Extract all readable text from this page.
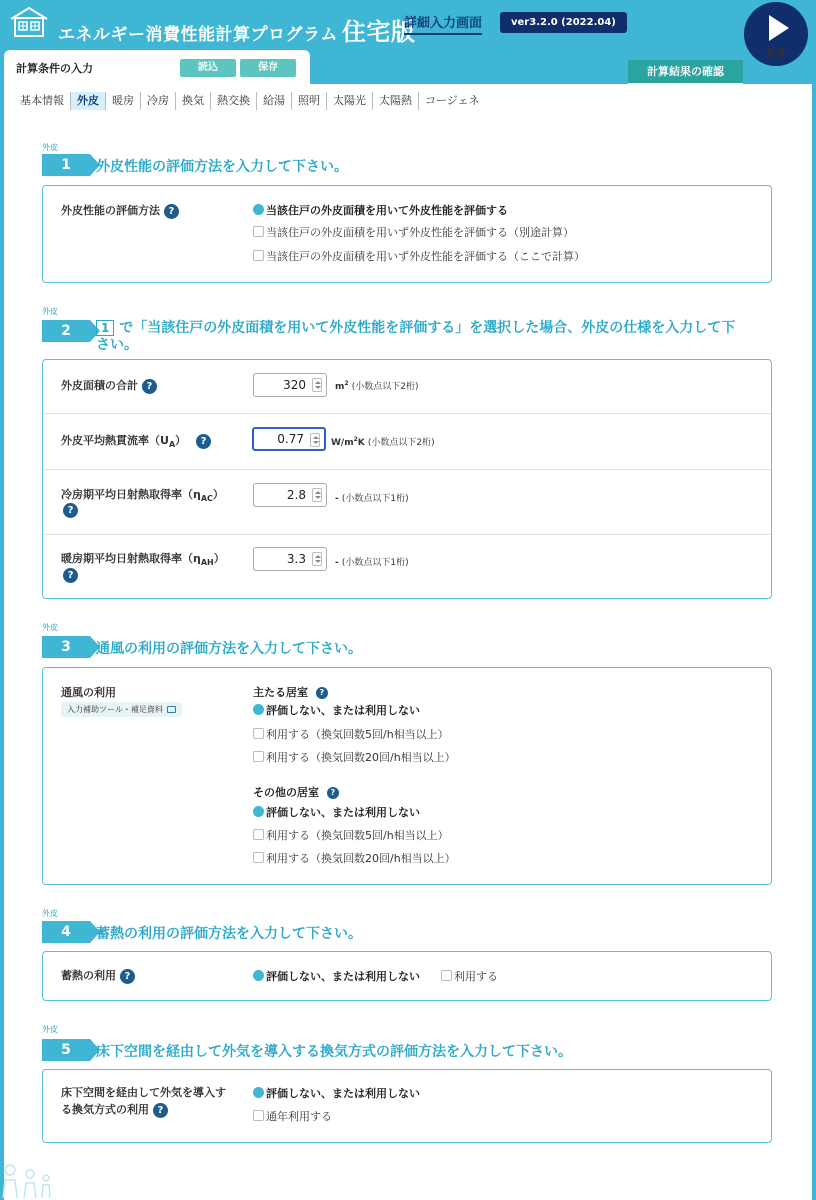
エネルギー消費性能計算プログラム 住宅版
詳細入力画面	ver3.2.0 (2022.04)
計算
計算条件の入力	読込	保存	計算結果の確認
基本情報	外皮	暖房	冷房	換気	熱交換	給湯	照明	太陽光	太陽熱	コージェネ
外皮
1	外皮性能の評価方法を入力して下さい。
外皮性能の評価方法 ?	当該住戸の外皮面積を用いて外皮性能を評価する
当該住戸の外皮面積を用いず外皮性能を評価する（別途計算）
当該住戸の外皮面積を用いず外皮性能を評価する（ここで計算）
外皮
2	1 で「当該住戸の外皮面積を用いて外皮性能を評価する」を選択した場合、外皮の仕様を入力して下
さい。
外皮面積の合計 ?	320	$m^2$ (小数点以下2桁)
外皮平均熱貫流率$(U_A)$ ?	0.77	$W/m^2K$ (小数点以下2桁)
冷房期平均日射熱取得率$(\eta_{AC})$
?
2.8	- (小数点以下1桁)
暖房期平均日射熱取得率$(\eta_{AH})$
?
3.3	- (小数点以下1桁)
外皮
3	通風の利用の評価方法を入力して下さい。
通風の利用
入力補助ツール・補足資料
主たる居室 ?
評価しない、または利用しない
利用する（換気回数5回/h相当以上）
利用する（換気回数20回/h相当以上）
その他の居室 ?
評価しない、または利用しない
利用する（換気回数5回/h相当以上）
利用する（換気回数20回/h相当以上）
外皮
4	蓄熱の利用の評価方法を入力して下さい。
蓄熱の利用 ?	評価しない、または利用しない	利用する
外皮
5	床下空間を経由して外気を導入する換気方式の評価方法を入力して下さい。
床下空間を経由して外気を導入す
る換気方式の利用 ?
評価しない、または利用しない
通年利用する
